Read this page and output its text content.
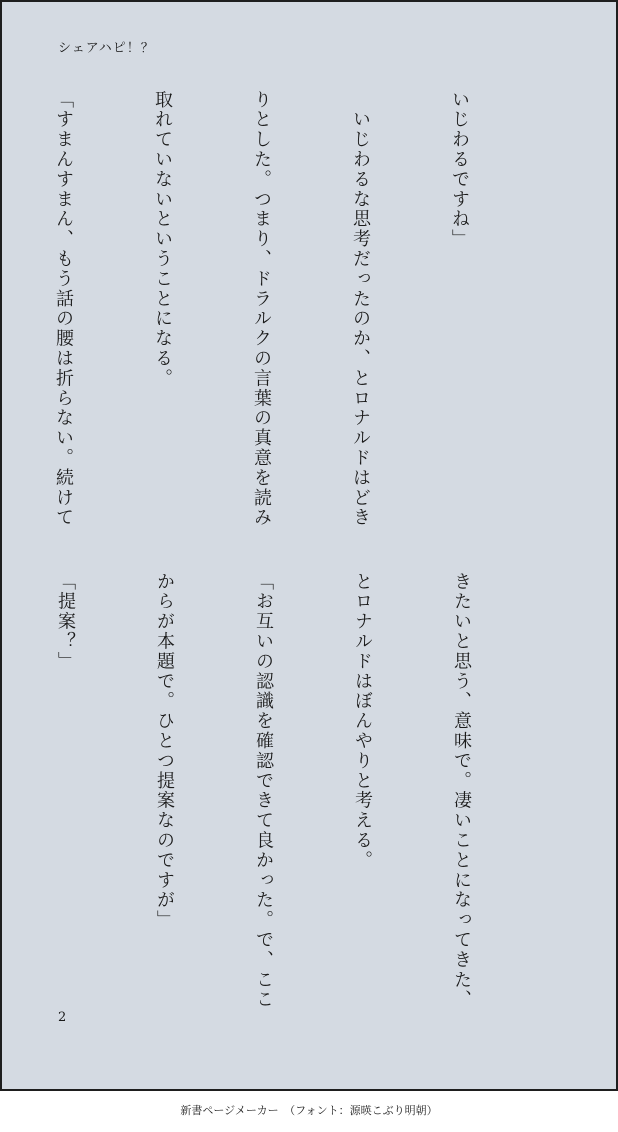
シェアハピ！？

いじわるですね」

　いじわるな思考だったのか、とロナルドはどき

りとした。つまり、ドラルクの言葉の真意を読み

取れていないということになる。

「すまんすまん、もう話の腰は折らない。続けて

きたいと思う、意味で。凄いことになってきた、

とロナルドはぼんやりと考える。

「お互いの認識を確認できて良かった。で、ここ

からが本題で。ひとつ提案なのですが」

「提案？」

2
新書ページメーカー　（フォント：源暎こぶり明朝）
